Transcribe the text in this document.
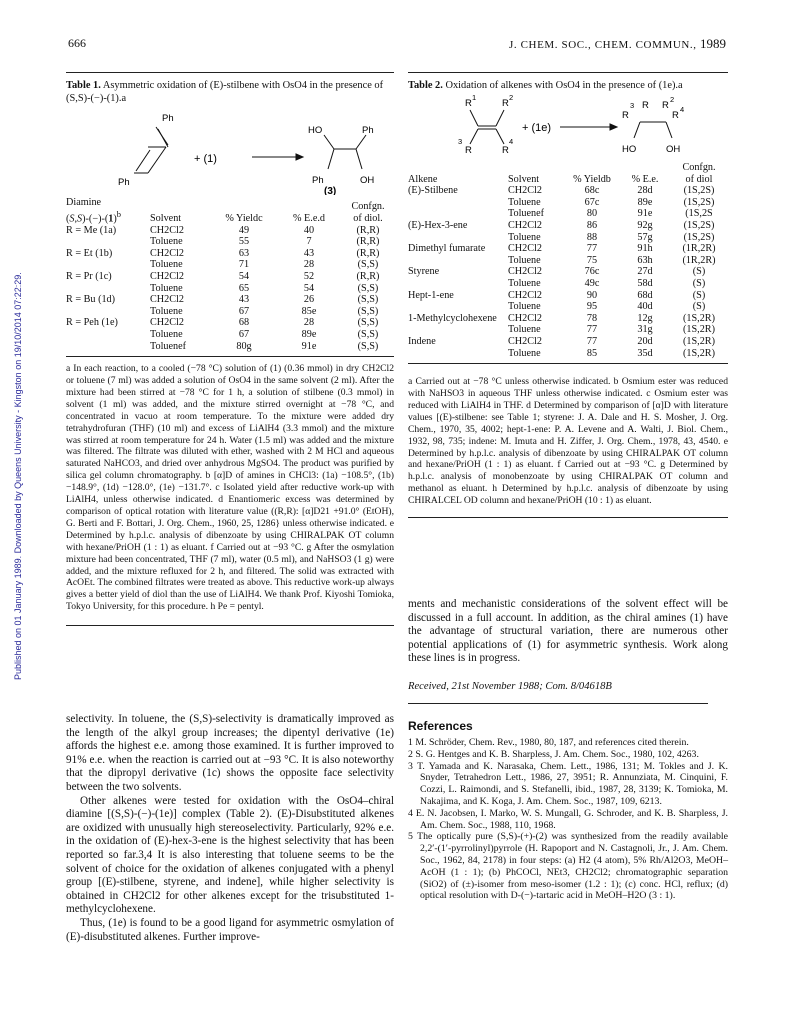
Published on 01 January 1989. Downloaded by Queens University - Kingston on 19/10/2014 07:22:29.
666	J. CHEM. SOC., CHEM. COMMUN., 1989
Table 1. Asymmetric oxidation of (E)-stilbene with OsO4 in the presence of (S,S)-(−)-(1).a
Ph
Ph
+ (1)
HO	Ph
Ph	OH
(3)
Diamine
$(S,S)-(-)-(1)^b$	Solvent	% Yieldc	% E.e.d	Confgn.
of diol.
R = Me (1a)	CH2Cl2	49	40	(R,R)
	Toluene	55	7	(R,R)
R = Et (1b)	CH2Cl2	63	43	(R,R)
	Toluene	71	28	(S,S)
R = Pr (1c)	CH2Cl2	54	52	(R,R)
	Toluene	65	54	(S,S)
R = Bu (1d)	CH2Cl2	43	26	(S,S)
	Toluene	67	85e	(S,S)
R = Peh (1e)	CH2Cl2	68	28	(S,S)
	Toluene	67	89e	(S,S)
	Toluenef	80g	91e	(S,S)
a In each reaction, to a cooled (−78 °C) solution of (1) (0.36 mmol) in dry CH2Cl2 or toluene (7 ml) was added a solution of OsO4 in the same solvent (2 ml). After the mixture had been stirred at −78 °C for 1 h, a solution of stilbene (0.3 mmol) in solvent (1 ml) was added, and the mixture stirred overnight at −78 °C, and concentrated in vacuo at room temperature. To the mixture were added dry tetrahydrofuran (THF) (10 ml) and excess of LiAlH4 (3.3 mmol) and the mixture was stirred at room temperature for 24 h. Water (1.5 ml) was added and the mixture was filtered. The filtrate was diluted with ether, washed with 2 M HCl and aqueous saturated NaHCO3, and dried over anhydrous MgSO4. The product was purified by silica gel column chromatography. b [α]D of amines in CHCl3: (1a) −108.5°, (1b) −148.9°, (1d) −128.0°, (1e) −131.7°. c Isolated yield after reductive work-up with LiAlH4, unless otherwise indicated. d Enantiomeric excess was determined by comparison of optical rotation with literature value ((R,R): [α]D21 +91.0° (EtOH), G. Berti and F. Bottari, J. Org. Chem., 1960, 25, 1286} unless otherwise indicated. e Determined by h.p.l.c. analysis of dibenzoate by using CHIRALPAK OT column with hexane/PriOH (1 : 1) as eluant. f Carried out at −93 °C. g After the osmylation mixture had been concentrated, THF (7 ml), water (0.5 ml), and NaHSO3 (1 g) were added, and the mixture refluxed for 2 h, and filtered. The solid was extracted with AcOEt. The combined filtrates were treated as above. This reductive work-up always gives a better yield of diol than the use of LiAlH4. We thank Prof. Kiyoshi Tomioka, Tokyo University, for this procedure. h Pe = pentyl.

selectivity. In toluene, the (S,S)-selectivity is dramatically improved as the length of the alkyl group increases; the dipentyl derivative (1e) affords the highest e.e. among those examined. It is further improved to 91% e.e. when the reaction is carried out at −93 °C. It is also noteworthy that the dipropyl derivative (1c) shows the opposite face selectivity between the two solvents.

Other alkenes were tested for oxidation with the OsO4–chiral diamine [(S,S)-(−)-(1e)] complex (Table 2). (E)-Disubstituted alkenes are oxidized with unusually high stereoselectivity. Particularly, 92% e.e. in the oxidation of (E)-hex-3-ene is the highest selectivity that has been reported so far.3,4 It is also interesting that toluene seems to be the solvent of choice for the oxidation of alkenes conjugated with a phenyl group [(E)-stilbene, styrene, and indene], while higher selectivity is obtained in CH2Cl2 for other alkenes except for the trisubstituted 1-methylcyclohexene.

Thus, (1e) is found to be a good ligand for asymmetric osmylation of (E)-disubstituted alkenes. Further improve-

Table 2. Oxidation of alkenes with OsO4 in the presence of (1e).a
R	R
1	2
R	R
3	4
+ (1e)
R
3 R R
2
R
4
HO	OH
Alkene	Solvent	% Yieldb	% E.e.	Confgn.
of diol
(E)-Stilbene	CH2Cl2	68c	28d	(1S,2S)
	Toluene	67c	89e	(1S,2S)
	Toluenef	80	91e	(1S,2S
(E)-Hex-3-ene	CH2Cl2	86	92g	(1S,2S)
	Toluene	88	57g	(1S,2S)
Dimethyl fumarate	CH2Cl2	77	91h	(1R,2R)
	Toluene	75	63h	(1R,2R)
Styrene	CH2Cl2	76c	27d	(S)
	Toluene	49c	58d	(S)
Hept-1-ene	CH2Cl2	90	68d	(S)
	Toluene	95	40d	(S)
1-Methylcyclohexene	CH2Cl2	78	12g	(1S,2R)
	Toluene	77	31g	(1S,2R)
Indene	CH2Cl2	77	20d	(1S,2R)
	Toluene	85	35d	(1S,2R)
a Carried out at −78 °C unless otherwise indicated. b Osmium ester was reduced with NaHSO3 in aqueous THF unless otherwise indicated. c Osmium ester was reduced with LiAlH4 in THF. d Determined by comparison of [α]D with literature values [(E)-stilbene: see Table 1; styrene: J. A. Dale and H. S. Mosher, J. Org. Chem., 1970, 35, 4002; hept-1-ene: P. A. Levene and A. Walti, J. Biol. Chem., 1932, 98, 735; indene: M. Imuta and H. Ziffer, J. Org. Chem., 1978, 43, 4540. e Determined by h.p.l.c. analysis of dibenzoate by using CHIRALPAK OT column and hexane/PriOH (1 : 1) as eluant. f Carried out at −93 °C. g Determined by h.p.l.c. analysis of monobenzoate by using CHIRALPAK OT column and methanol as eluant. h Determined by h.p.l.c. analysis of dibenzoate by using CHIRALCEL OD column and hexane/PriOH (10 : 1) as eluant.
ments and mechanistic considerations of the solvent effect will be discussed in a full account. In addition, as the chiral amines (1) have the advantage of structural variation, there are numerous other potential applications of (1) for asymmetric synthesis. Work along these lines is in progress.
Received, 21st November 1988; Com. 8/04618B
References
1 M. Schröder, Chem. Rev., 1980, 80, 187, and references cited therein.
2 S. G. Hentges and K. B. Sharpless, J. Am. Chem. Soc., 1980, 102, 4263.
3 T. Yamada and K. Narasaka, Chem. Lett., 1986, 131; M. Tokles and J. K. Snyder, Tetrahedron Lett., 1986, 27, 3951; R. Annunziata, M. Cinquini, F. Cozzi, L. Raimondi, and S. Stefanelli, ibid., 1987, 28, 3139; K. Tomioka, M. Nakajima, and K. Koga, J. Am. Chem. Soc., 1987, 109, 6213.
4 E. N. Jacobsen, I. Marko, W. S. Mungall, G. Schroder, and K. B. Sharpless, J. Am. Chem. Soc., 1988, 110, 1968.
5 The optically pure (S,S)-(+)-(2) was synthesized from the readily available 2,2′-(1′-pyrrolinyl)pyrrole (H. Rapoport and N. Castagnoli, Jr., J. Am. Chem. Soc., 1962, 84, 2178) in four steps: (a) H2 (4 atom), 5% Rh/Al2O3, MeOH–AcOH (1 : 1); (b) PhCOCl, NEt3, CH2Cl2; chromatographic separation (SiO2) of (±)-isomer from meso-isomer (1.2 : 1); (c) conc. HCl, reflux; (d) optical resolution with D-(−)-tartaric acid in MeOH–H2O (3 : 1).
